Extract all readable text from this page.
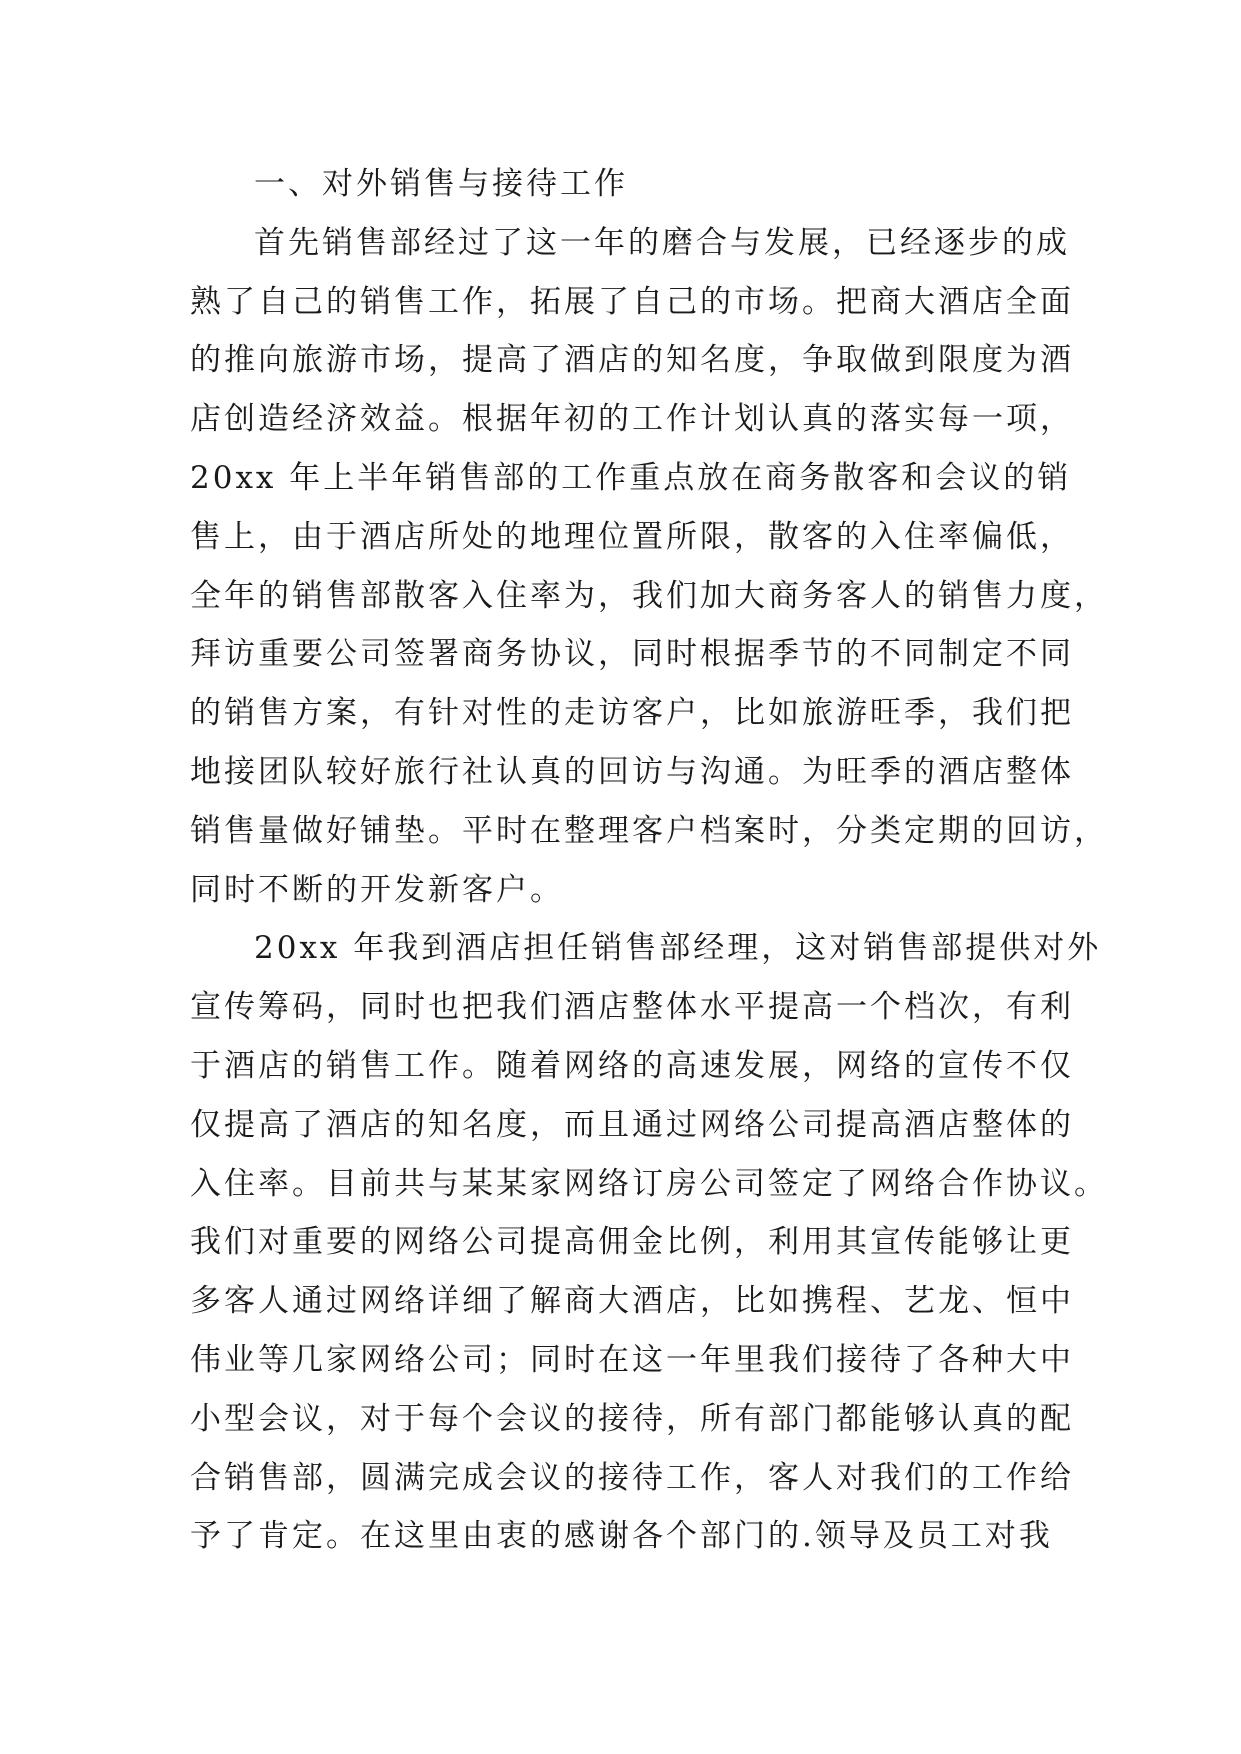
一、对外销售与接待工作
首先销售部经过了这一年的磨合与发展，已经逐步的成
熟了自己的销售工作，拓展了自己的市场。把商大酒店全面
的推向旅游市场，提高了酒店的知名度，争取做到限度为酒
店创造经济效益。根据年初的工作计划认真的落实每一项，
20xx 年上半年销售部的工作重点放在商务散客和会议的销
售上，由于酒店所处的地理位置所限，散客的入住率偏低，
全年的销售部散客入住率为，我们加大商务客人的销售力度，
拜访重要公司签署商务协议，同时根据季节的不同制定不同
的销售方案，有针对性的走访客户，比如旅游旺季，我们把
地接团队较好旅行社认真的回访与沟通。为旺季的酒店整体
销售量做好铺垫。平时在整理客户档案时，分类定期的回访，
同时不断的开发新客户。
20xx 年我到酒店担任销售部经理，这对销售部提供对外
宣传筹码，同时也把我们酒店整体水平提高一个档次，有利
于酒店的销售工作。随着网络的高速发展，网络的宣传不仅
仅提高了酒店的知名度，而且通过网络公司提高酒店整体的
入住率。目前共与某某家网络订房公司签定了网络合作协议。
我们对重要的网络公司提高佣金比例，利用其宣传能够让更
多客人通过网络详细了解商大酒店，比如携程、艺龙、恒中
伟业等几家网络公司；同时在这一年里我们接待了各种大中
小型会议，对于每个会议的接待，所有部门都能够认真的配
合销售部，圆满完成会议的接待工作，客人对我们的工作给
予了肯定。在这里由衷的感谢各个部门的.领导及员工对我
